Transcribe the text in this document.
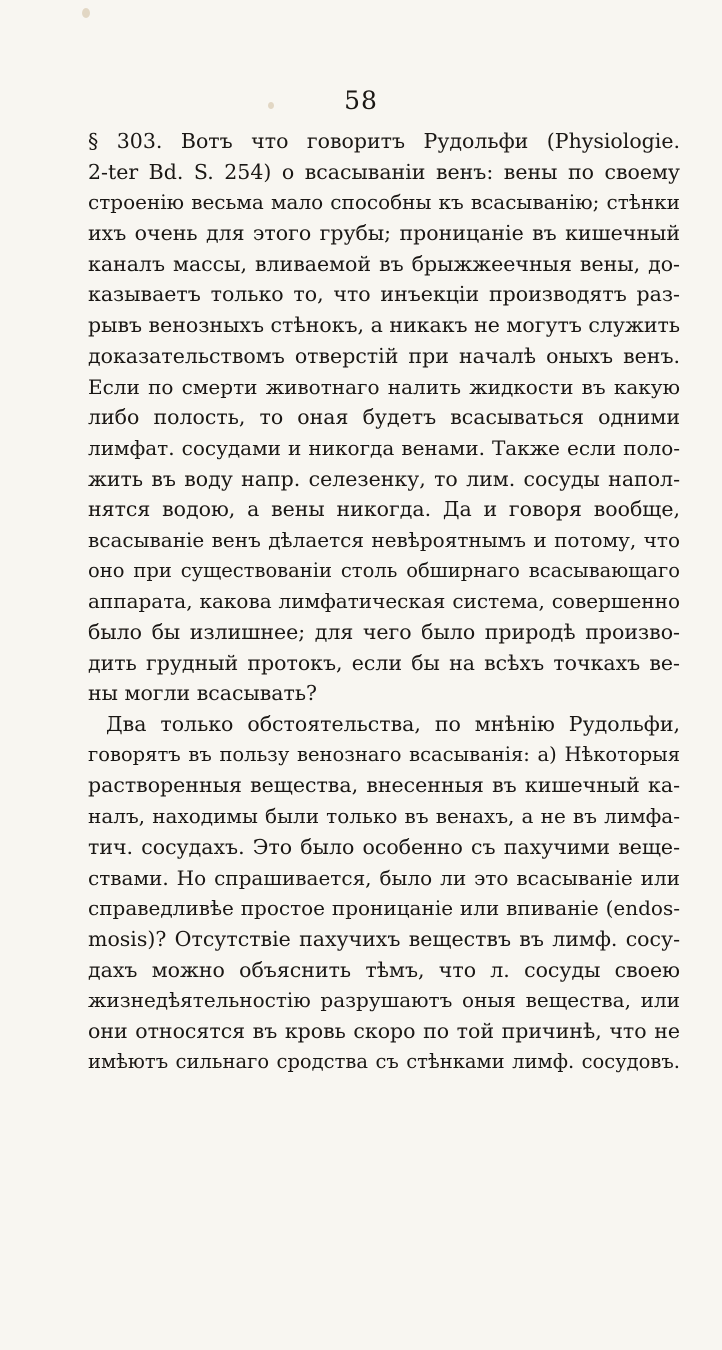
58
§ 303. Вотъ что говоритъ Рудольфи (Physiologie.
2-ter Bd. S. 254) о всасываніи венъ: вены по своему
строенію весьма мало способны къ всасыванію; стѣнки
ихъ очень для этого грубы; проницаніе въ кишечный
каналъ массы, вливаемой въ брыжжеечныя вены, до-
казываетъ только то, что инъекціи производятъ раз-
рывъ венозныхъ стѣнокъ, а никакъ не могутъ служить
доказательствомъ отверстій при началѣ оныхъ венъ.
Если по смерти животнаго налить жидкости въ какую
либо полость, то оная будетъ всасываться одними
лимфат. сосудами и никогда венами. Также если поло-
жить въ воду напр. селезенку, то лим. сосуды напол-
нятся водою, а вены никогда. Да и говоря вообще,
всасываніе венъ дѣлается невѣроятнымъ и потому, что
оно при существованіи столь обширнаго всасывающаго
аппарата, какова лимфатическая система, совершенно
было бы излишнее; для чего было природѣ произво-
дить грудный протокъ, если бы на всѣхъ точкахъ ве-
ны могли всасывать?
Два только обстоятельства, по мнѣнію Рудольфи,
говорятъ въ пользу венознаго всасыванія: а) Нѣкоторыя
растворенныя вещества, внесенныя въ кишечный ка-
налъ, находимы были только въ венахъ, а не въ лимфа-
тич. сосудахъ. Это было особенно съ пахучими веще-
ствами. Но спрашивается, было ли это всасываніе или
справедливѣе простое проницаніе или впиваніе (endos-
mosis)? Отсутствіе пахучихъ веществъ въ лимф. сосу-
дахъ можно объяснить тѣмъ, что л. сосуды своею
жизнедѣятельностію разрушаютъ оныя вещества, или
они относятся въ кровь скоро по той причинѣ, что не
имѣютъ сильнаго сродства съ стѣнками лимф. сосудовъ.
